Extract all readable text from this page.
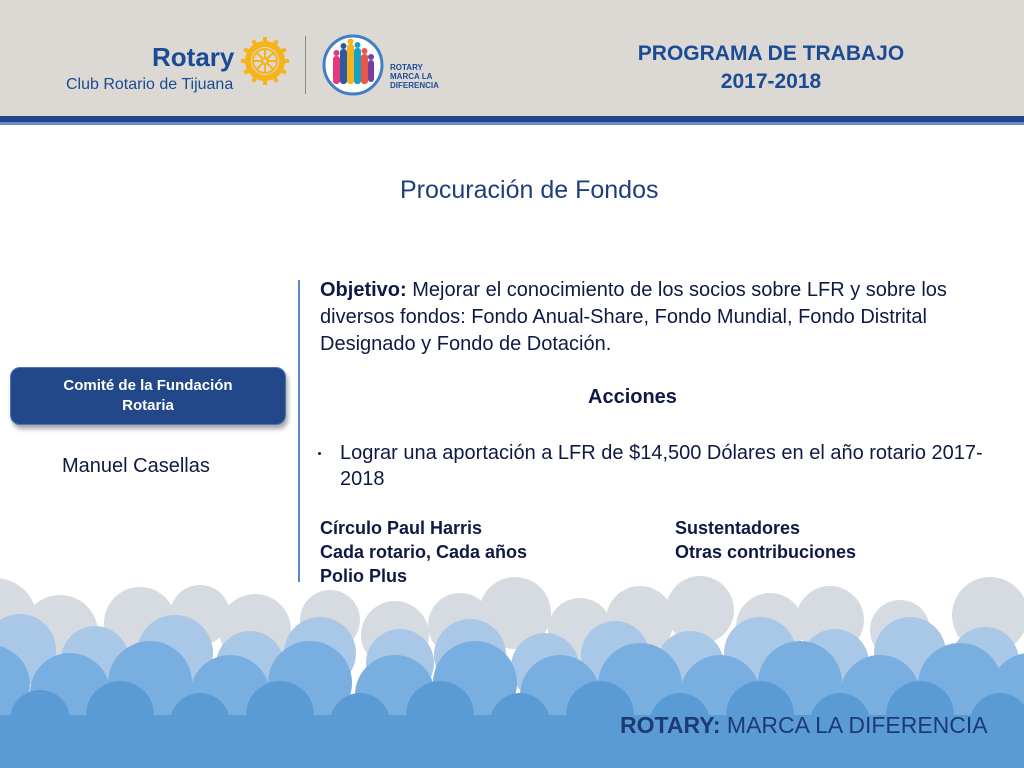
Rotary
Club Rotario de Tijuana
ROTARY
MARCA LA
DIFERENCIA
PROGRAMA DE TRABAJO
2017-2018
Procuración de Fondos
Comité de la Fundación
Rotaria
Manuel Casellas
Objetivo: Mejorar el conocimiento de los socios sobre LFR y sobre los diversos fondos: Fondo Anual-Share, Fondo Mundial, Fondo Distrital Designado y Fondo de Dotación.
Acciones
Lograr una aportación a LFR de $14,500 Dólares en el año rotario 2017-2018
Círculo Paul Harris
Cada rotario, Cada años
Polio Plus
Sustentadores
Otras contribuciones
ROTARY: MARCA LA DIFERENCIA
